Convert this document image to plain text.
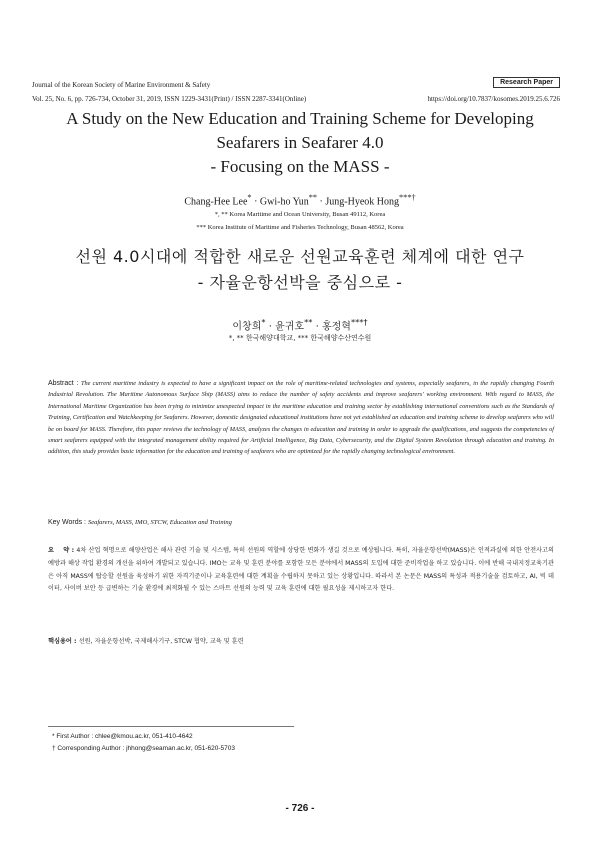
Journal of the Korean Society of Marine Environment & Safety
Vol. 25, No. 6, pp. 726-734, October 31, 2019, ISSN 1229-3431(Print) / ISSN 2287-3341(Online)
Research Paper
https://doi.org/10.7837/kosomes.2019.25.6.726
A Study on the New Education and Training Scheme for Developing
Seafarers in Seafarer 4.0
- Focusing on the MASS -
Chang-Hee Lee* · Gwi-ho Yun** · Jung-Hyeok Hong***†
*, ** Korea Maritime and Ocean University, Busan 49112, Korea
*** Korea Institute of Maritime and Fisheries Technology, Busan 48562, Korea
선원 4.0시대에 적합한 새로운 선원교육훈련 체계에 대한 연구
- 자율운항선박을 중심으로 -
이창희* · 윤귀호** · 홍정혁***†
*, ** 한국해양대학교, *** 한국해양수산연수원
Abstract : The current maritime industry is expected to have a significant impact on the role of maritime-related technologies and systems, especially seafarers, in the rapidly changing Fourth Industrial Revolution. The Maritime Autonomous Surface Ship (MASS) aims to reduce the number of safety accidents and improve seafarers' working environment. With regard to MASS, the International Maritime Organization has been trying to minimize unexpected impact in the maritime education and training sector by establishing international conventions such as the Standards of Training, Certification and Watchkeeping for Seafarers. However, domestic designated educational institutions have not yet established an education and training scheme to develop seafarers who will be on board for MASS. Therefore, this paper reviews the technology of MASS, analyzes the changes in education and training in order to upgrade the qualifications, and suggests the competencies of smart seafarers equipped with the integrated management ability required for Artificial Intelligence, Big Data, Cybersecurity, and the Digital System Revolution through education and training. In addition, this study provides basic information for the education and training of seafarers who are optimized for the rapidly changing technological environment.
Key Words : Seafarers, MASS, IMO, STCW, Education and Training
요    약 : 4차 산업 혁명으로 해양산업은 해사 관련 기술 및 시스템, 특히 선원의 역할에 상당한 변화가 생길 것으로 예상됩니다. 특히, 자율운항선박(MASS)은 인적과실에 의한 안전사고의 예방과 해상 작업 환경의 개선을 위하여 개발되고 있습니다. IMO는 교육 및 훈련 분야를 포함한 모든 분야에서 MASS의 도입에 대한 준비작업을 하고 있습니다. 이에 반해 국내지정교육기관은 아직 MASS에 탑승할 선원을 육성하기 위한 자격기준이나 교육훈련에 대한 계획을 수립하지 못하고 있는 상황입니다. 따라서 본 논문은 MASS의 특성과 적용기술을 검토하고, AI, 빅 데이터, 사이버 보안 등 급변하는 기술 환경에 최적화될 수 있는 스마트 선원의 능력 및 교육 훈련에 대한 필요성을 제시하고자 한다.
핵심용어 : 선원, 자율운항선박, 국제해사기구, STCW 협약, 교육 및 훈련
* First Author : chlee@kmou.ac.kr, 051-410-4642
† Corresponding Author : jhhong@seaman.ac.kr, 051-620-5703
- 726 -
